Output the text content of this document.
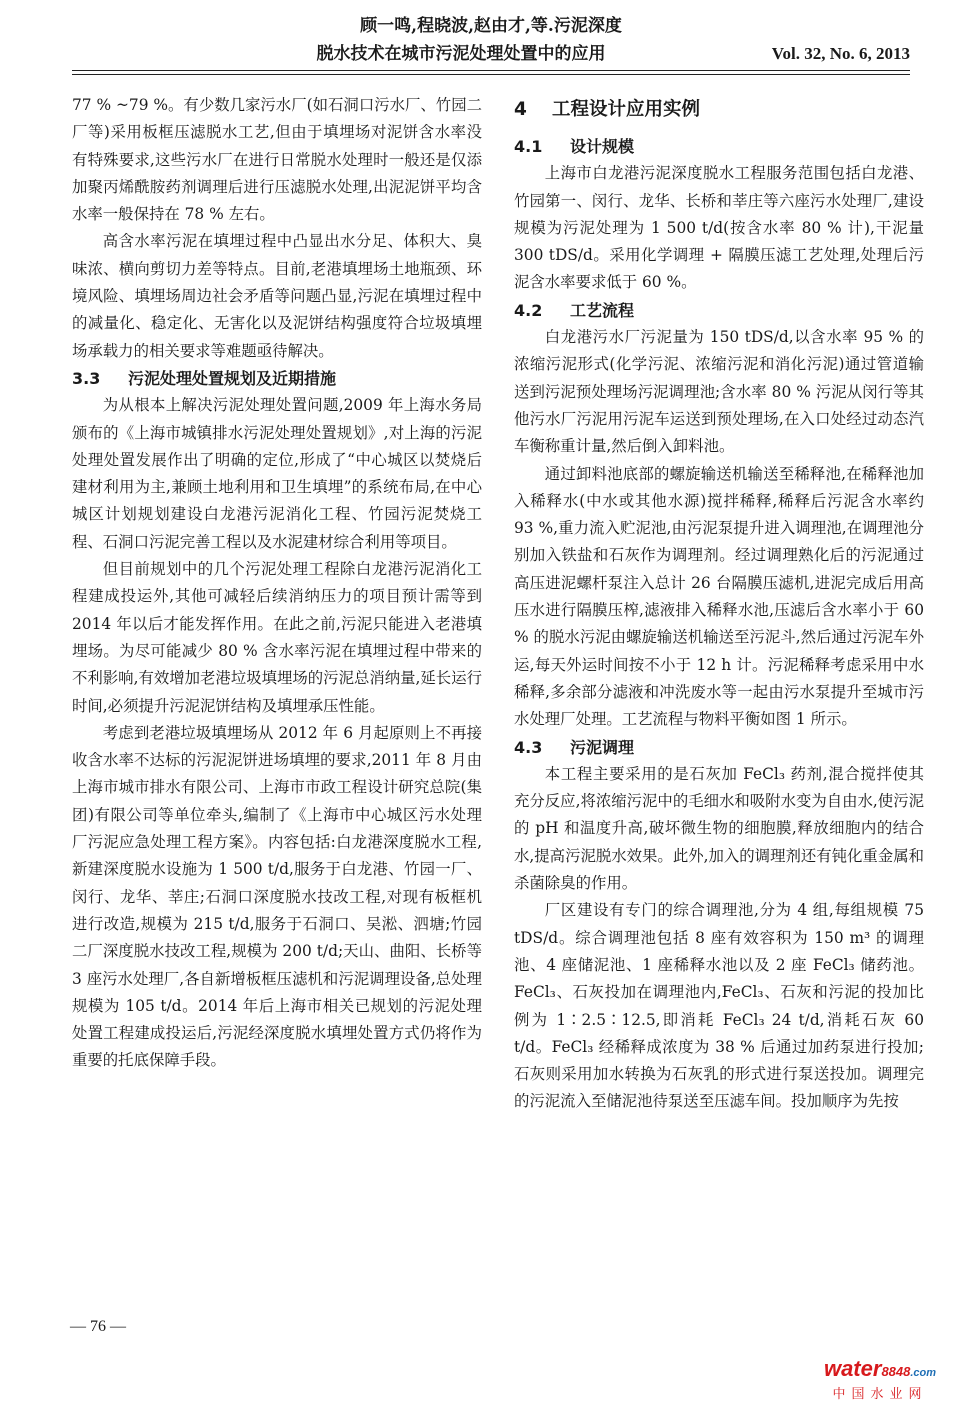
顾一鸣,程晓波,赵由才,等.污泥深度
脱水技术在城市污泥处理处置中的应用	Vol. 32, No. 6, 2013

77 % ~79 %。有少数几家污水厂(如石洞口污水厂、竹园二厂等)采用板框压滤脱水工艺,但由于填埋场对泥饼含水率没有特殊要求,这些污水厂在进行日常脱水处理时一般还是仅添加聚丙烯酰胺药剂调理后进行压滤脱水处理,出泥泥饼平均含水率一般保持在 78 % 左右。

高含水率污泥在填埋过程中凸显出水分足、体积大、臭味浓、横向剪切力差等特点。目前,老港填埋场土地瓶颈、环境风险、填埋场周边社会矛盾等问题凸显,污泥在填埋过程中的减量化、稳定化、无害化以及泥饼结构强度符合垃圾填埋场承载力的相关要求等难题亟待解决。

3.3 污泥处理处置规划及近期措施

为从根本上解决污泥处理处置问题,2009 年上海水务局颁布的《上海市城镇排水污泥处理处置规划》,对上海的污泥处理处置发展作出了明确的定位,形成了“中心城区以焚烧后建材利用为主,兼顾土地利用和卫生填埋”的系统布局,在中心城区计划规划建设白龙港污泥消化工程、竹园污泥焚烧工程、石洞口污泥完善工程以及水泥建材综合利用等项目。

但目前规划中的几个污泥处理工程除白龙港污泥消化工程建成投运外,其他可减轻后续消纳压力的项目预计需等到 2014 年以后才能发挥作用。在此之前,污泥只能进入老港填埋场。为尽可能减少 80 % 含水率污泥在填埋过程中带来的不利影响,有效增加老港垃圾填埋场的污泥总消纳量,延长运行时间,必须提升污泥泥饼结构及填埋承压性能。

考虑到老港垃圾填埋场从 2012 年 6 月起原则上不再接收含水率不达标的污泥泥饼进场填埋的要求,2011 年 8 月由上海市城市排水有限公司、上海市市政工程设计研究总院(集团)有限公司等单位牵头,编制了《上海市中心城区污水处理厂污泥应急处理工程方案》。内容包括:白龙港深度脱水工程,新建深度脱水设施为 1 500 t/d,服务于白龙港、竹园一厂、闵行、龙华、莘庄;石洞口深度脱水技改工程,对现有板框机进行改造,规模为 215 t/d,服务于石洞口、吴淞、泗塘;竹园二厂深度脱水技改工程,规模为 200 t/d;天山、曲阳、长桥等 3 座污水处理厂,各自新增板框压滤机和污泥调理设备,总处理规模为 105 t/d。2014 年后上海市相关已规划的污泥处理处置工程建成投运后,污泥经深度脱水填埋处置方式仍将作为重要的托底保障手段。

4 工程设计应用实例
4.1 设计规模

上海市白龙港污泥深度脱水工程服务范围包括白龙港、竹园第一、闵行、龙华、长桥和莘庄等六座污水处理厂,建设规模为污泥处理为 1 500 t/d(按含水率 80 % 计),干泥量 300 tDS/d。采用化学调理 + 隔膜压滤工艺处理,处理后污泥含水率要求低于 60 %。

4.2 工艺流程

白龙港污水厂污泥量为 150 tDS/d,以含水率 95 % 的浓缩污泥形式(化学污泥、浓缩污泥和消化污泥)通过管道输送到污泥预处理场污泥调理池;含水率 80 % 污泥从闵行等其他污水厂污泥用污泥车运送到预处理场,在入口处经过动态汽车衡称重计量,然后倒入卸料池。

通过卸料池底部的螺旋输送机输送至稀释池,在稀释池加入稀释水(中水或其他水源)搅拌稀释,稀释后污泥含水率约 93 %,重力流入贮泥池,由污泥泵提升进入调理池,在调理池分别加入铁盐和石灰作为调理剂。经过调理熟化后的污泥通过高压进泥螺杆泵注入总计 26 台隔膜压滤机,进泥完成后用高压水进行隔膜压榨,滤液排入稀释水池,压滤后含水率小于 60 % 的脱水污泥由螺旋输送机输送至污泥斗,然后通过污泥车外运,每天外运时间按不小于 12 h 计。污泥稀释考虑采用中水稀释,多余部分滤液和冲洗废水等一起由污水泵提升至城市污水处理厂处理。工艺流程与物料平衡如图 1 所示。

4.3 污泥调理

本工程主要采用的是石灰加 FeCl₃ 药剂,混合搅拌使其充分反应,将浓缩污泥中的毛细水和吸附水变为自由水,使污泥的 pH 和温度升高,破坏微生物的细胞膜,释放细胞内的结合水,提高污泥脱水效果。此外,加入的调理剂还有钝化重金属和杀菌除臭的作用。

厂区建设有专门的综合调理池,分为 4 组,每组规模 75 tDS/d。综合调理池包括 8 座有效容积为 150 m³ 的调理池、4 座储泥池、1 座稀释水池以及 2 座 FeCl₃ 储药池。FeCl₃、石灰投加在调理池内,FeCl₃、石灰和污泥的投加比例为 1∶2.5∶12.5,即消耗 FeCl₃ 24 t/d,消耗石灰 60 t/d。FeCl₃ 经稀释成浓度为 38 % 后通过加药泵进行投加;石灰则采用加水转换为石灰乳的形式进行泵送投加。调理完的污泥流入至储泥池待泵送至压滤车间。投加顺序为先按

— 76 —
water8848.com
中国水业网
